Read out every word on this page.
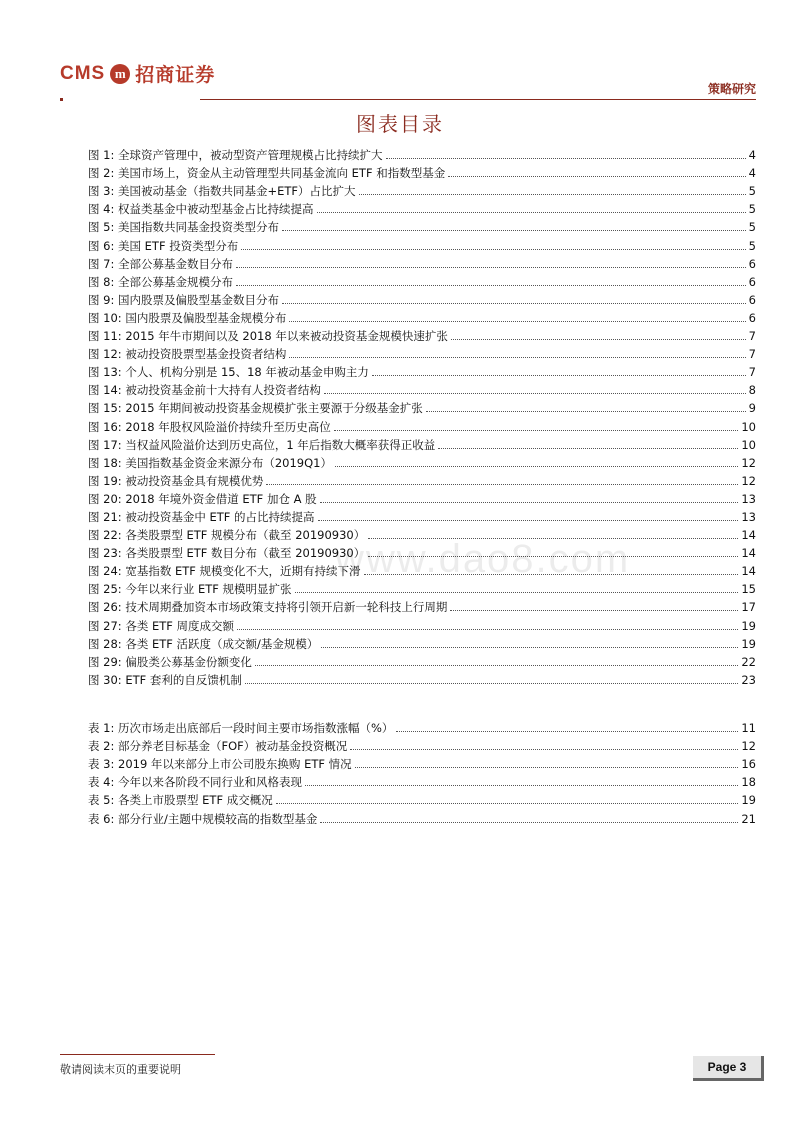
CMS m 招商证券
策略研究
图表目录
图 1: 全球资产管理中，被动型资产管理规模占比持续扩大	4
图 2: 美国市场上，资金从主动管理型共同基金流向 ETF 和指数型基金	4
图 3: 美国被动基金（指数共同基金+ETF）占比扩大	5
图 4: 权益类基金中被动型基金占比持续提高	5
图 5: 美国指数共同基金投资类型分布	5
图 6: 美国 ETF 投资类型分布	5
图 7: 全部公募基金数目分布	6
图 8: 全部公募基金规模分布	6
图 9: 国内股票及偏股型基金数目分布	6
图 10: 国内股票及偏股型基金规模分布	6
图 11: 2015 年牛市期间以及 2018 年以来被动投资基金规模快速扩张	7
图 12: 被动投资股票型基金投资者结构	7
图 13: 个人、机构分别是 15、18 年被动基金申购主力	7
图 14: 被动投资基金前十大持有人投资者结构	8
图 15: 2015 年期间被动投资基金规模扩张主要源于分级基金扩张	9
图 16: 2018 年股权风险溢价持续升至历史高位	10
图 17: 当权益风险溢价达到历史高位，1 年后指数大概率获得正收益	10
图 18: 美国指数基金资金来源分布（2019Q1）	12
图 19: 被动投资基金具有规模优势	12
图 20: 2018 年境外资金借道 ETF 加仓 A 股	13
图 21: 被动投资基金中 ETF 的占比持续提高	13
图 22: 各类股票型 ETF 规模分布（截至 20190930）	14
图 23: 各类股票型 ETF 数目分布（截至 20190930）	14
图 24: 宽基指数 ETF 规模变化不大，近期有持续下滑	14
图 25: 今年以来行业 ETF 规模明显扩张	15
图 26: 技术周期叠加资本市场政策支持将引领开启新一轮科技上行周期	17
图 27: 各类 ETF 周度成交额	19
图 28: 各类 ETF 活跃度（成交额/基金规模）	19
图 29: 偏股类公募基金份额变化	22
图 30: ETF 套利的自反馈机制	23
表 1: 历次市场走出底部后一段时间主要市场指数涨幅（%）	11
表 2: 部分养老目标基金（FOF）被动基金投资概况	12
表 3: 2019 年以来部分上市公司股东换购 ETF 情况	16
表 4: 今年以来各阶段不同行业和风格表现	18
表 5: 各类上市股票型 ETF 成交概况	19
表 6: 部分行业/主题中规模较高的指数型基金	21
www.dao8.com
敬请阅读末页的重要说明	Page 3
